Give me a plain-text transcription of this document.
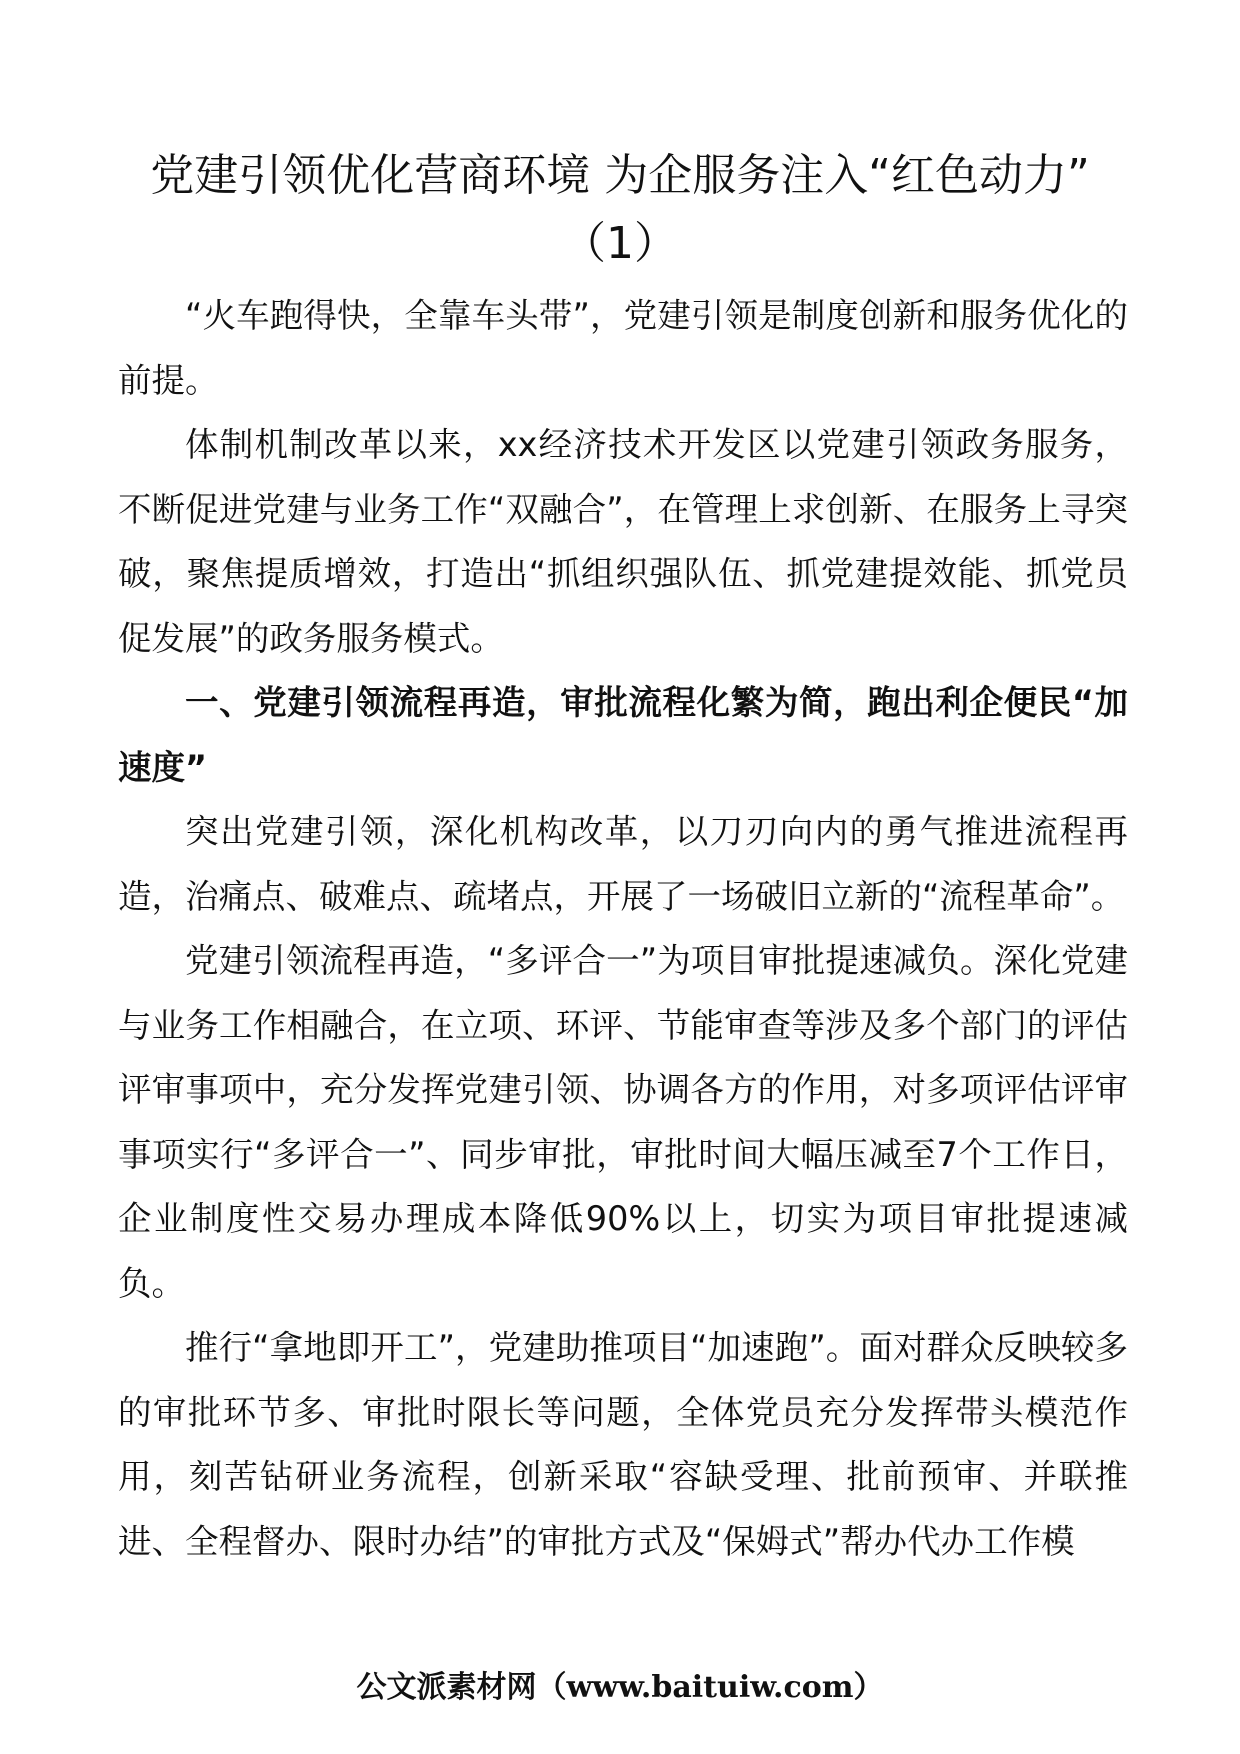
党建引领优化营商环境 为企服务注入“红色动力”
（1）

“火车跑得快，全靠车头带”，党建引领是制度创新和服务优化的前提。

体制机制改革以来，xx经济技术开发区以党建引领政务服务，不断促进党建与业务工作“双融合”，在管理上求创新、在服务上寻突破，聚焦提质增效，打造出“抓组织强队伍、抓党建提效能、抓党员促发展”的政务服务模式。

一、党建引领流程再造，审批流程化繁为简，跑出利企便民“加速度”

突出党建引领，深化机构改革，以刀刃向内的勇气推进流程再造，治痛点、破难点、疏堵点，开展了一场破旧立新的“流程革命”。

党建引领流程再造，“多评合一”为项目审批提速减负。深化党建与业务工作相融合，在立项、环评、节能审查等涉及多个部门的评估评审事项中，充分发挥党建引领、协调各方的作用，对多项评估评审事项实行“多评合一”、同步审批，审批时间大幅压减至7个工作日，企业制度性交易办理成本降低90%以上，切实为项目审批提速减负。

推行“拿地即开工”，党建助推项目“加速跑”。面对群众反映较多的审批环节多、审批时限长等问题，全体党员充分发挥带头模范作用，刻苦钻研业务流程，创新采取“容缺受理、批前预审、并联推进、全程督办、限时办结”的审批方式及“保姆式”帮办代办工作模

公文派素材网（www.baituiw.com）
